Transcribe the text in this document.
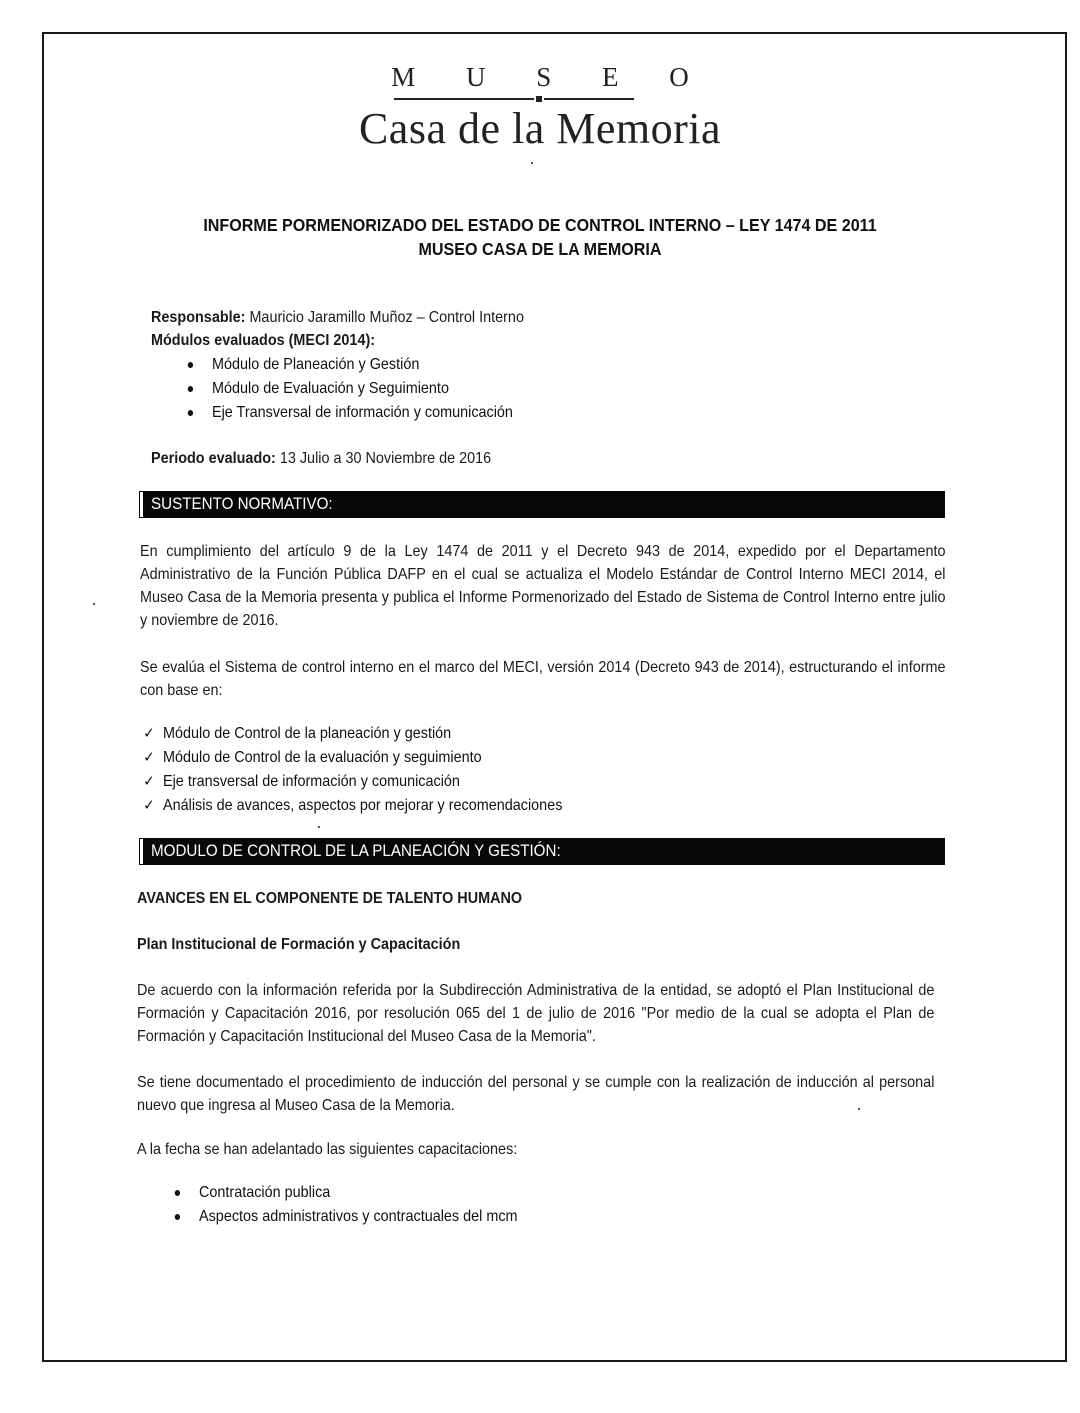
M U S E O
Casa de la Memoria
INFORME PORMENORIZADO DEL ESTADO DE CONTROL INTERNO – LEY 1474 DE 2011
MUSEO CASA DE LA MEMORIA
Responsable: Mauricio Jaramillo Muñoz – Control Interno
Módulos evaluados (MECI 2014):
Módulo de Planeación y Gestión
Módulo de Evaluación y Seguimiento
Eje Transversal de información y comunicación
Periodo evaluado: 13 Julio a 30 Noviembre de 2016
SUSTENTO NORMATIVO:
En cumplimiento del artículo 9 de la Ley 1474 de 2011 y el Decreto 943 de 2014, expedido por el Departamento Administrativo de la Función Pública DAFP en el cual se actualiza el Modelo Estándar de Control Interno MECI 2014, el Museo Casa de la Memoria presenta y publica el Informe Pormenorizado del Estado de Sistema de Control Interno entre julio y noviembre de 2016.
Se evalúa el Sistema de control interno en el marco del MECI, versión 2014 (Decreto 943 de 2014), estructurando el informe con base en:
✓ Módulo de Control de la planeación y gestión
✓ Módulo de Control de la evaluación y seguimiento
✓ Eje transversal de información y comunicación
✓ Análisis de avances, aspectos por mejorar y recomendaciones
MODULO DE CONTROL DE LA PLANEACIÓN Y GESTIÓN:
AVANCES EN EL COMPONENTE DE TALENTO HUMANO
Plan Institucional de Formación y Capacitación
De acuerdo con la información referida por la Subdirección Administrativa de la entidad, se adoptó el Plan Institucional de Formación y Capacitación 2016, por resolución 065 del 1 de julio de 2016 "Por medio de la cual se adopta el Plan de Formación y Capacitación Institucional del Museo Casa de la Memoria".
Se tiene documentado el procedimiento de inducción del personal y se cumple con la realización de inducción al personal nuevo que ingresa al Museo Casa de la Memoria.
A la fecha se han adelantado las siguientes capacitaciones:
Contratación publica
Aspectos administrativos y contractuales del mcm
